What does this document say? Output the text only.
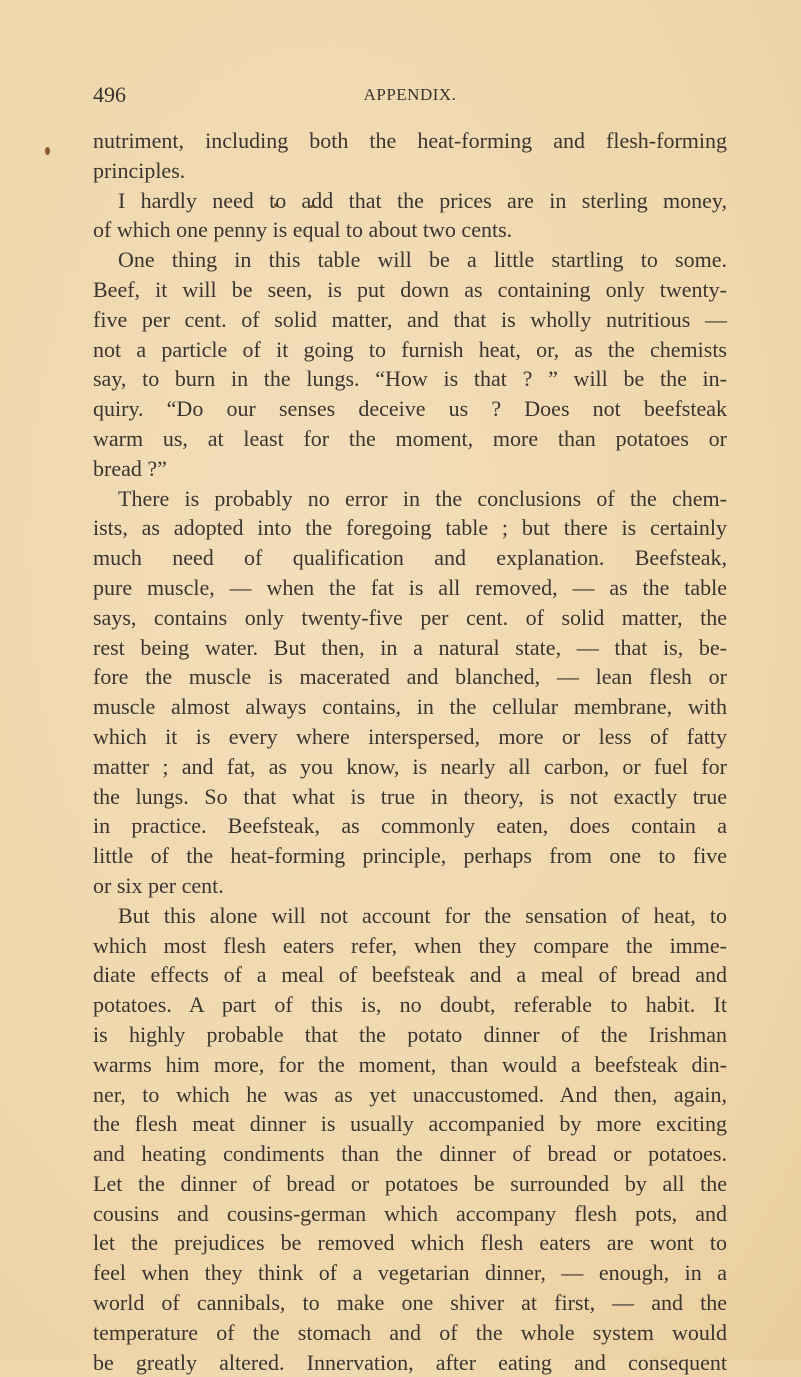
496	APPENDIX.
nutriment, including both the heat-forming and flesh-forming
principles.
I hardly need to add that the prices are in sterling money,
of which one penny is equal to about two cents.
One thing in this table will be a little startling to some.
Beef, it will be seen, is put down as containing only twenty-
five per cent. of solid matter, and that is wholly nutritious —
not a particle of it going to furnish heat, or, as the chemists
say, to burn in the lungs. “How is that ? ” will be the in-
quiry. “Do our senses deceive us ? Does not beefsteak
warm us, at least for the moment, more than potatoes or
bread ?”
There is probably no error in the conclusions of the chem-
ists, as adopted into the foregoing table ; but there is certainly
much need of qualification and explanation. Beefsteak,
pure muscle, — when the fat is all removed, — as the table
says, contains only twenty-five per cent. of solid matter, the
rest being water. But then, in a natural state, — that is, be-
fore the muscle is macerated and blanched, — lean flesh or
muscle almost always contains, in the cellular membrane, with
which it is every where interspersed, more or less of fatty
matter ; and fat, as you know, is nearly all carbon, or fuel for
the lungs. So that what is true in theory, is not exactly true
in practice. Beefsteak, as commonly eaten, does contain a
little of the heat-forming principle, perhaps from one to five
or six per cent.
But this alone will not account for the sensation of heat, to
which most flesh eaters refer, when they compare the imme-
diate effects of a meal of beefsteak and a meal of bread and
potatoes. A part of this is, no doubt, referable to habit. It
is highly probable that the potato dinner of the Irishman
warms him more, for the moment, than would a beefsteak din-
ner, to which he was as yet unaccustomed. And then, again,
the flesh meat dinner is usually accompanied by more exciting
and heating condiments than the dinner of bread or potatoes.
Let the dinner of bread or potatoes be surrounded by all the
cousins and cousins-german which accompany flesh pots, and
let the prejudices be removed which flesh eaters are wont to
feel when they think of a vegetarian dinner, — enough, in a
world of cannibals, to make one shiver at first, — and the
temperature of the stomach and of the whole system would
be greatly altered. Innervation, after eating and consequent
